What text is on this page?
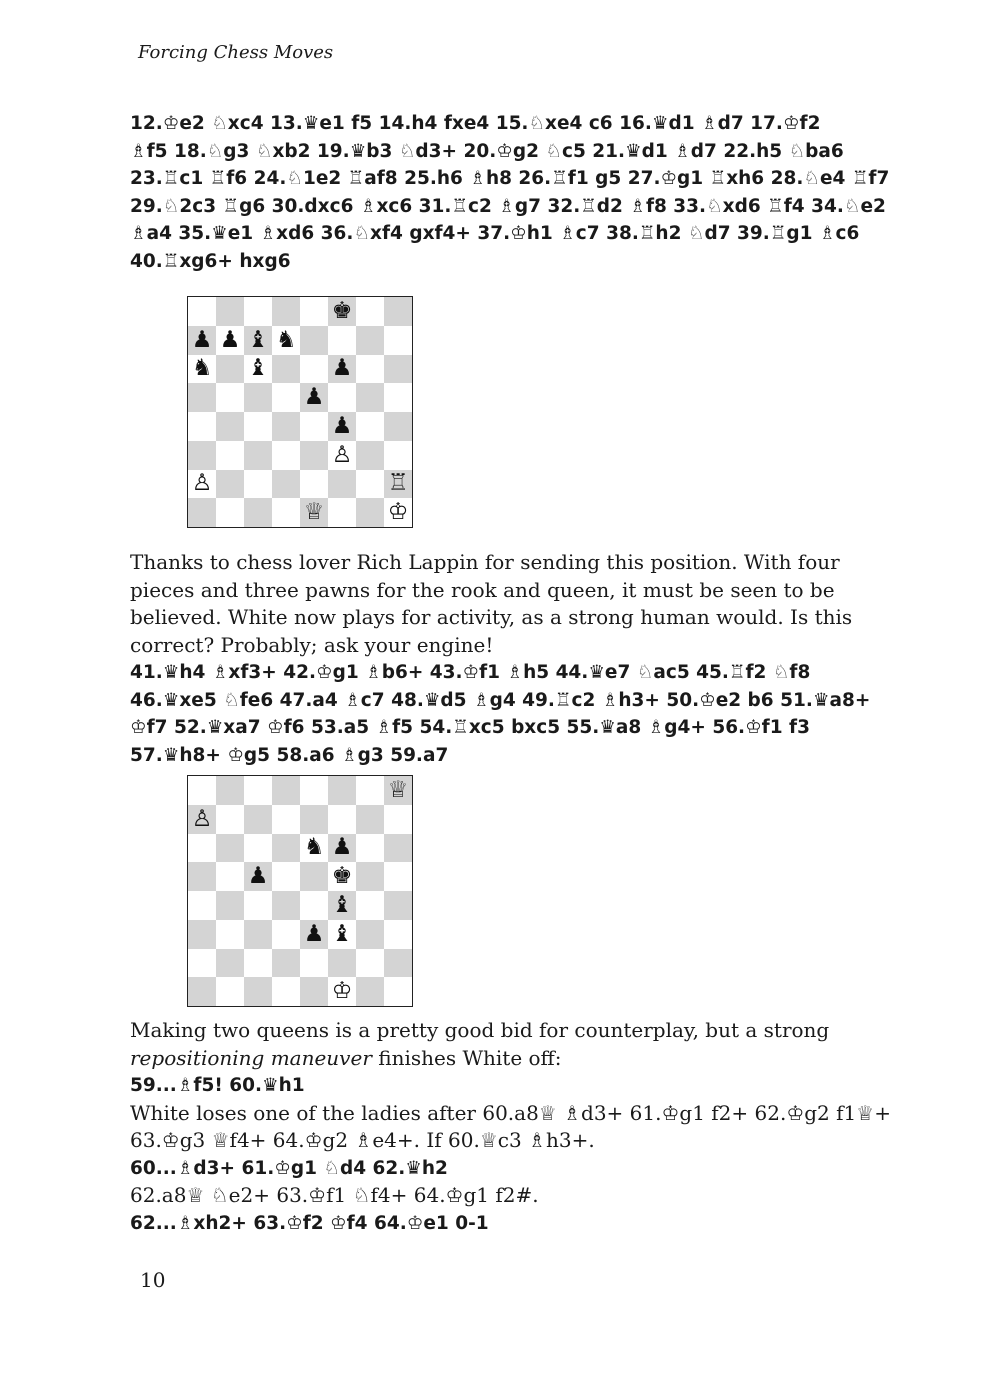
Forcing Chess Moves

12.♔e2 ♘xc4 13.♛e1 f5 14.h4 fxe4 15.♘xe4 c6 16.♛d1 ♗d7 17.♔f2

♗f5 18.♘g3 ♘xb2 19.♛b3 ♘d3+ 20.♔g2 ♘c5 21.♛d1 ♗d7 22.h5 ♘ba6

23.♖c1 ♖f6 24.♘1e2 ♖af8 25.h6 ♗h8 26.♖f1 g5 27.♔g1 ♖xh6 28.♘e4 ♖f7

29.♘2c3 ♖g6 30.dxc6 ♗xc6 31.♖c2 ♗g7 32.♖d2 ♗f8 33.♘xd6 ♖f4 34.♘e2

♗a4 35.♛e1 ♗xd6 36.♘xf4 gxf4+ 37.♔h1 ♗c7 38.♖h2 ♘d7 39.♖g1 ♗c6

40.♖xg6+ hxg6

♚
♟ ♟ ♝ ♞
♞ ♝	♟
♟
♟
♙
♙	♖
♕	♔

Thanks to chess lover Rich Lappin for sending this position. With four

pieces and three pawns for the rook and queen, it must be seen to be

believed. White now plays for activity, as a strong human would. Is this

correct? Probably; ask your engine!

41.♛h4 ♗xf3+ 42.♔g1 ♗b6+ 43.♔f1 ♗h5 44.♛e7 ♘ac5 45.♖f2 ♘f8

46.♛xe5 ♘fe6 47.a4 ♗c7 48.♛d5 ♗g4 49.♖c2 ♗h3+ 50.♔e2 b6 51.♛a8+

♔f7 52.♛xa7 ♔f6 53.a5 ♗f5 54.♖xc5 bxc5 55.♛a8 ♗g4+ 56.♔f1 f3

57.♛h8+ ♔g5 58.a6 ♗g3 59.a7

♕
♙
♞ ♟
♟	♚
♝
♟ ♝
♔

Making two queens is a pretty good bid for counterplay, but a strong

repositioning maneuver finishes White off:

59...♗f5! 60.♛h1

White loses one of the ladies after 60.a8♕ ♗d3+ 61.♔g1 f2+ 62.♔g2 f1♕+

63.♔g3 ♕f4+ 64.♔g2 ♗e4+. If 60.♕c3 ♗h3+.

60...♗d3+ 61.♔g1 ♘d4 62.♛h2

62.a8♕ ♘e2+ 63.♔f1 ♘f4+ 64.♔g1 f2#.

62...♗xh2+ 63.♔f2 ♔f4 64.♔e1 0-1

10
